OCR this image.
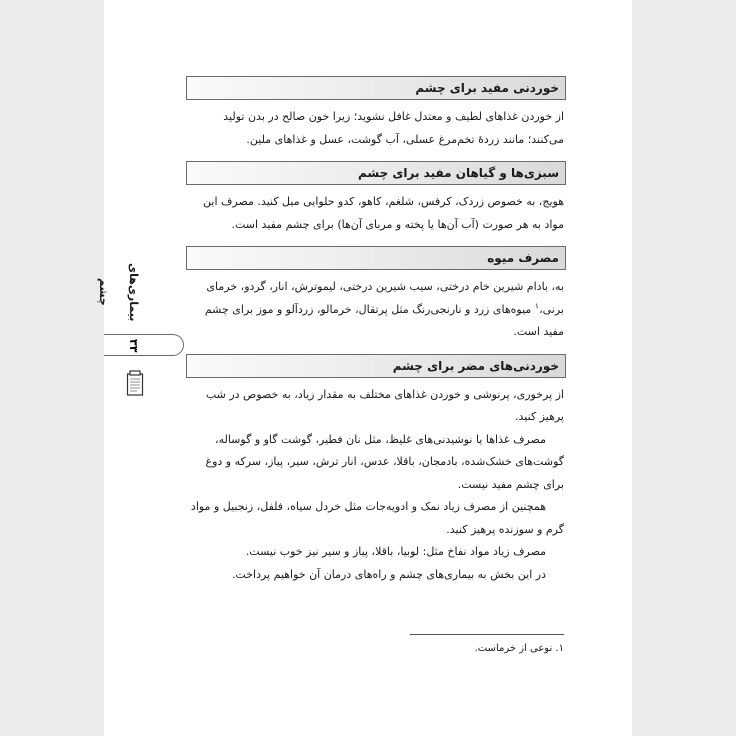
بیماری‌های چشم
۳۳
خوردنی مفید برای چشم

از خوردن غذاهای لطیف و معتدل غافل نشوید؛ زیرا خون صالح در بدن تولید می‌کنند؛ مانند زردهٔ تخم‌مرغ عسلی، آب گوشت، عسل و غذاهای ملین.

سبزی‌ها و گیاهان مفید برای چشم

هویج، به خصوص زردک، کرفس، شلغم، کاهو، کدو حلوایی میل کنید. مصرف این مواد به هر صورت (آب آن‌ها یا پخته و مربای آن‌ها) برای چشم مفید است.

مصرف میوه

به، بادام شیرین خام درختی، سیب شیرین درختی، لیموترش، انار، گردو، خرمای برنی،$^۱$ میوه‌های زرد و نارنجی‌رنگ مثل پرتقال، خرمالو، زردآلو و موز برای چشم مفید است.

خوردنی‌های مضر برای چشم

از پرخوری، پرنوشی و خوردن غذاهای مختلف به مقدار زیاد، به خصوص در شب پرهیز کنید.

مصرف غذاها یا نوشیدنی‌های غلیظ، مثل نان فطیر، گوشت گاو و گوساله، گوشت‌های خشک‌شده، بادمجان، باقلا، عدس، انار ترش، سیر، پیاز، سرکه و دوغ برای چشم مفید نیست.

همچنین از مصرف زیاد نمک و ادویه‌جات مثل خردل سیاه، فلفل، زنجبیل و مواد گرم و سوزنده پرهیز کنید.

مصرف زیاد مواد نفاخ مثل: لوبیا، باقلا، پیاز و سیر نیز خوب نیست.

در این بخش به بیماری‌های چشم و راه‌های درمان آن خواهیم پرداخت.

۱. نوعی از خرماست.
